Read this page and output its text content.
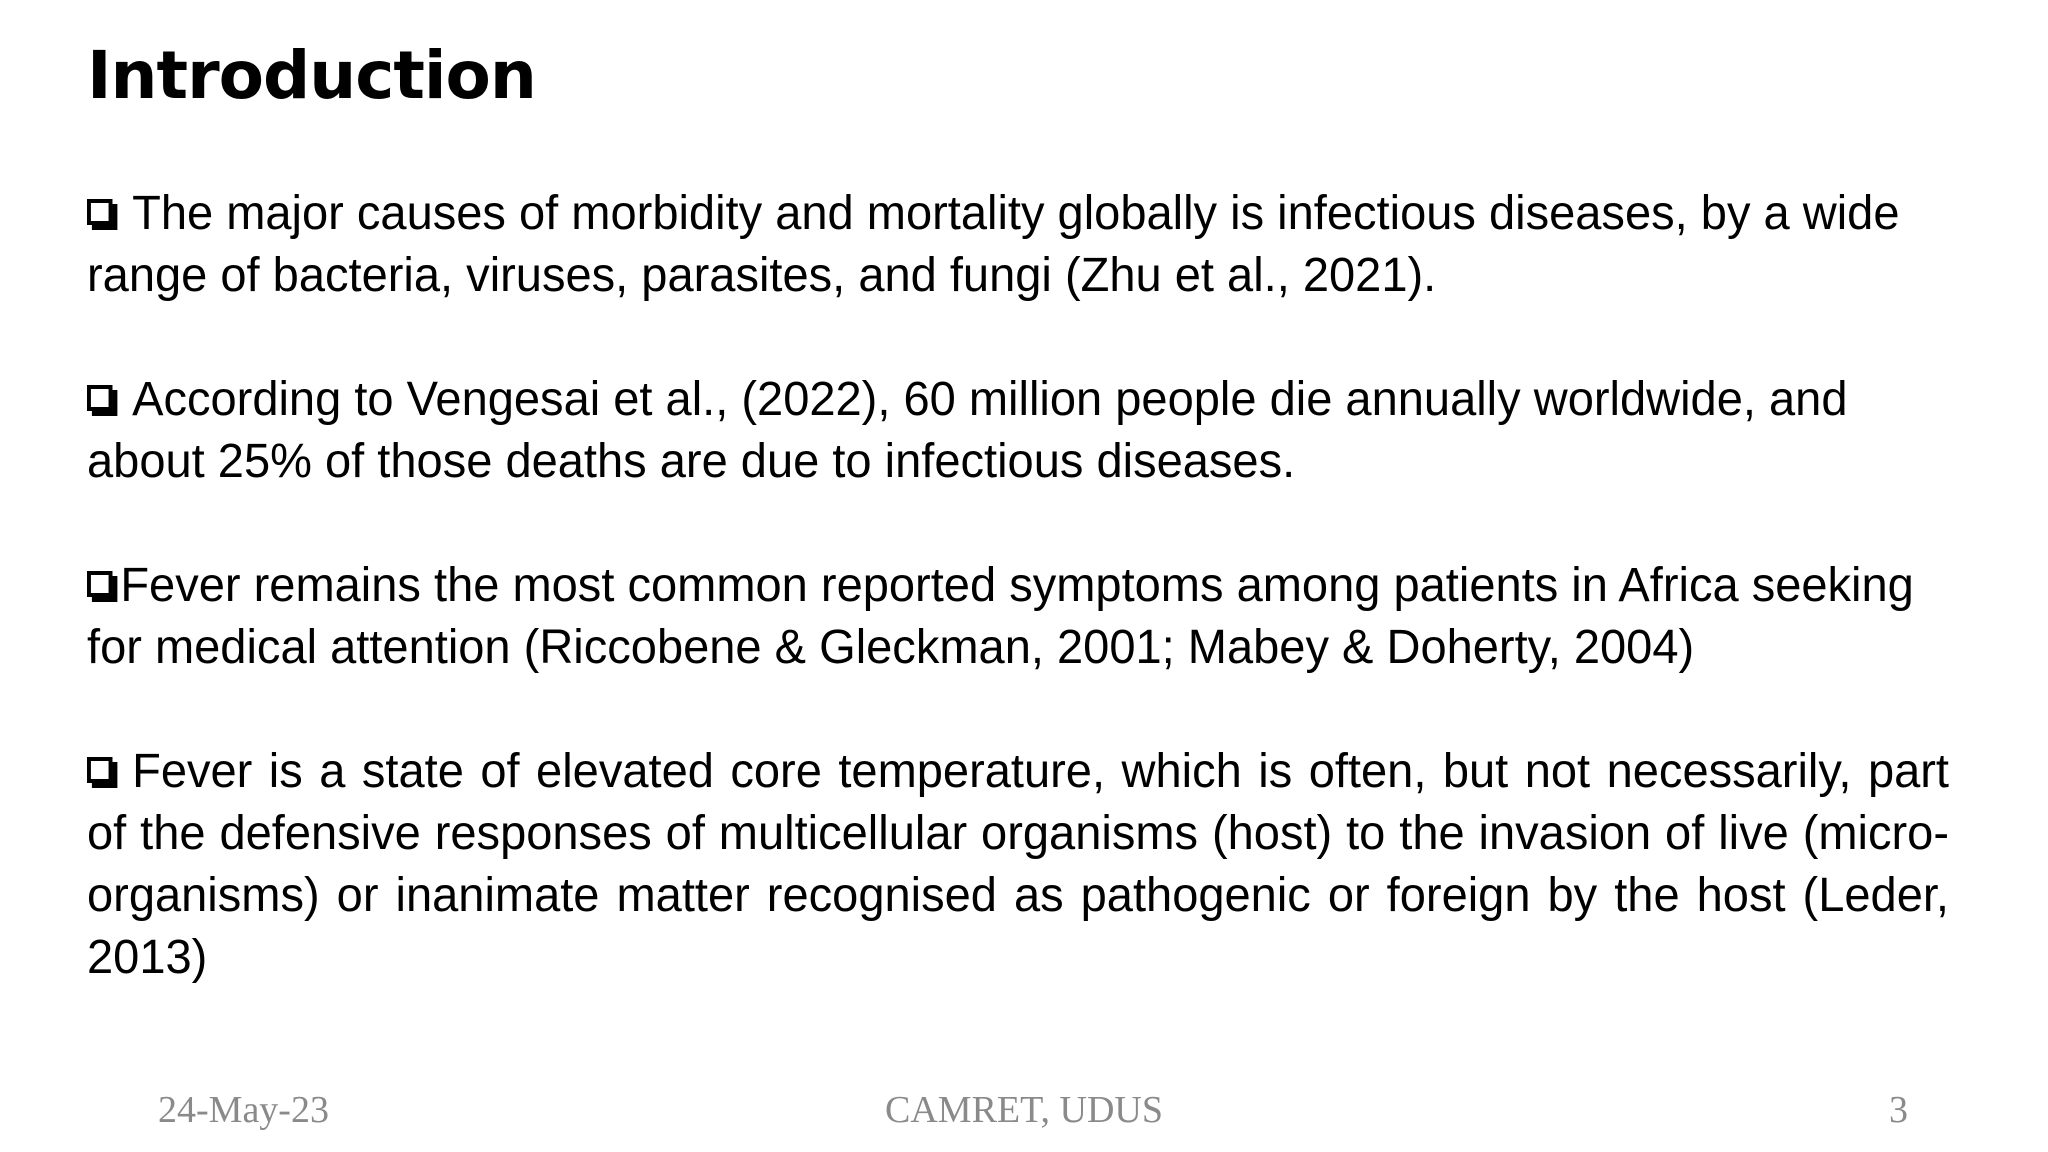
Introduction

The major causes of morbidity and mortality globally is infectious diseases, by a wide range of bacteria, viruses, parasites, and fungi (Zhu et al., 2021).

According to Vengesai et al., (2022), 60 million people die annually worldwide, and about 25% of those deaths are due to infectious diseases.

Fever remains the most common reported symptoms among patients in Africa seeking for medical attention (Riccobene & Gleckman, 2001; Mabey & Doherty, 2004)

Fever is a state of elevated core temperature, which is often, but not necessarily, part of the defensive responses of multicellular organisms (host) to the invasion of live (micro-organisms) or inanimate matter recognised as pathogenic or foreign by the host (Leder, 2013)

24-May-23	CAMRET, UDUS	3
